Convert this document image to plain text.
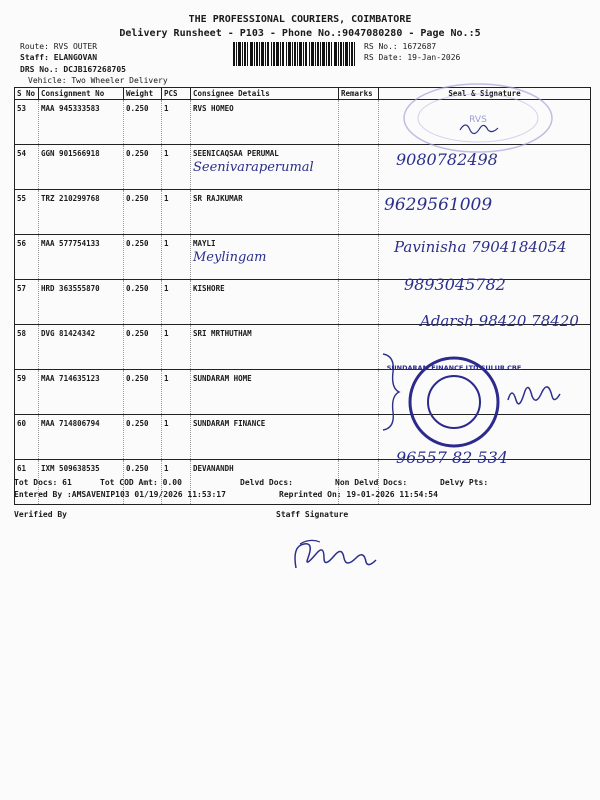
THE PROFESSIONAL COURIERS, COIMBATORE
Delivery Runsheet - P103 - Phone No.:9047080280 - Page No.:5
Route: RVS OUTER
Staff: ELANGOVAN
DRS No.: DCJB167268705
Vehicle: Two Wheeler Delivery
RS No.: 1672687
RS Date: 19-Jan-2026
S No	Consignment No	Weight	PCS	Consignee Details	Remarks	Seal & Signature
53	MAA 945333583	0.250	1	RVS HOMEO		
54	GGN 901566918	0.250	1	SEENICAQSAA PERUMAL
Seenivaraperumal		

55	TRZ 210299768	0.250	1	SR RAJKUMAR		
56	MAA 577754133	0.250	1	MAYLI
Meylingam		

57	HRD 363555870	0.250	1	KISHORE		
58	DVG 81424342	0.250	1	SRI MRTHUTHAM		
59	MAA 714635123	0.250	1	SUNDARAM HOME		
60	MAA 714806794	0.250	1	SUNDARAM FINANCE		
61	IXM 509638535	0.250	1	DEVANANDH		
RVS
9080782498
9629561009
Pavinisha 7904184054
9893045782
Adarsh 98420 78420
96557 82 534
SUNDARAM FINANCE LTD SULUR CBE
Tot Docs: 61	Tot COD Amt: 0.00	Delvd Docs:	Non Delvd Docs:	Delvy Pts:
Entered By :AMSAVENIP103 01/19/2026 11:53:17	Reprinted On: 19-01-2026 11:54:54
Verified By	Staff Signature
